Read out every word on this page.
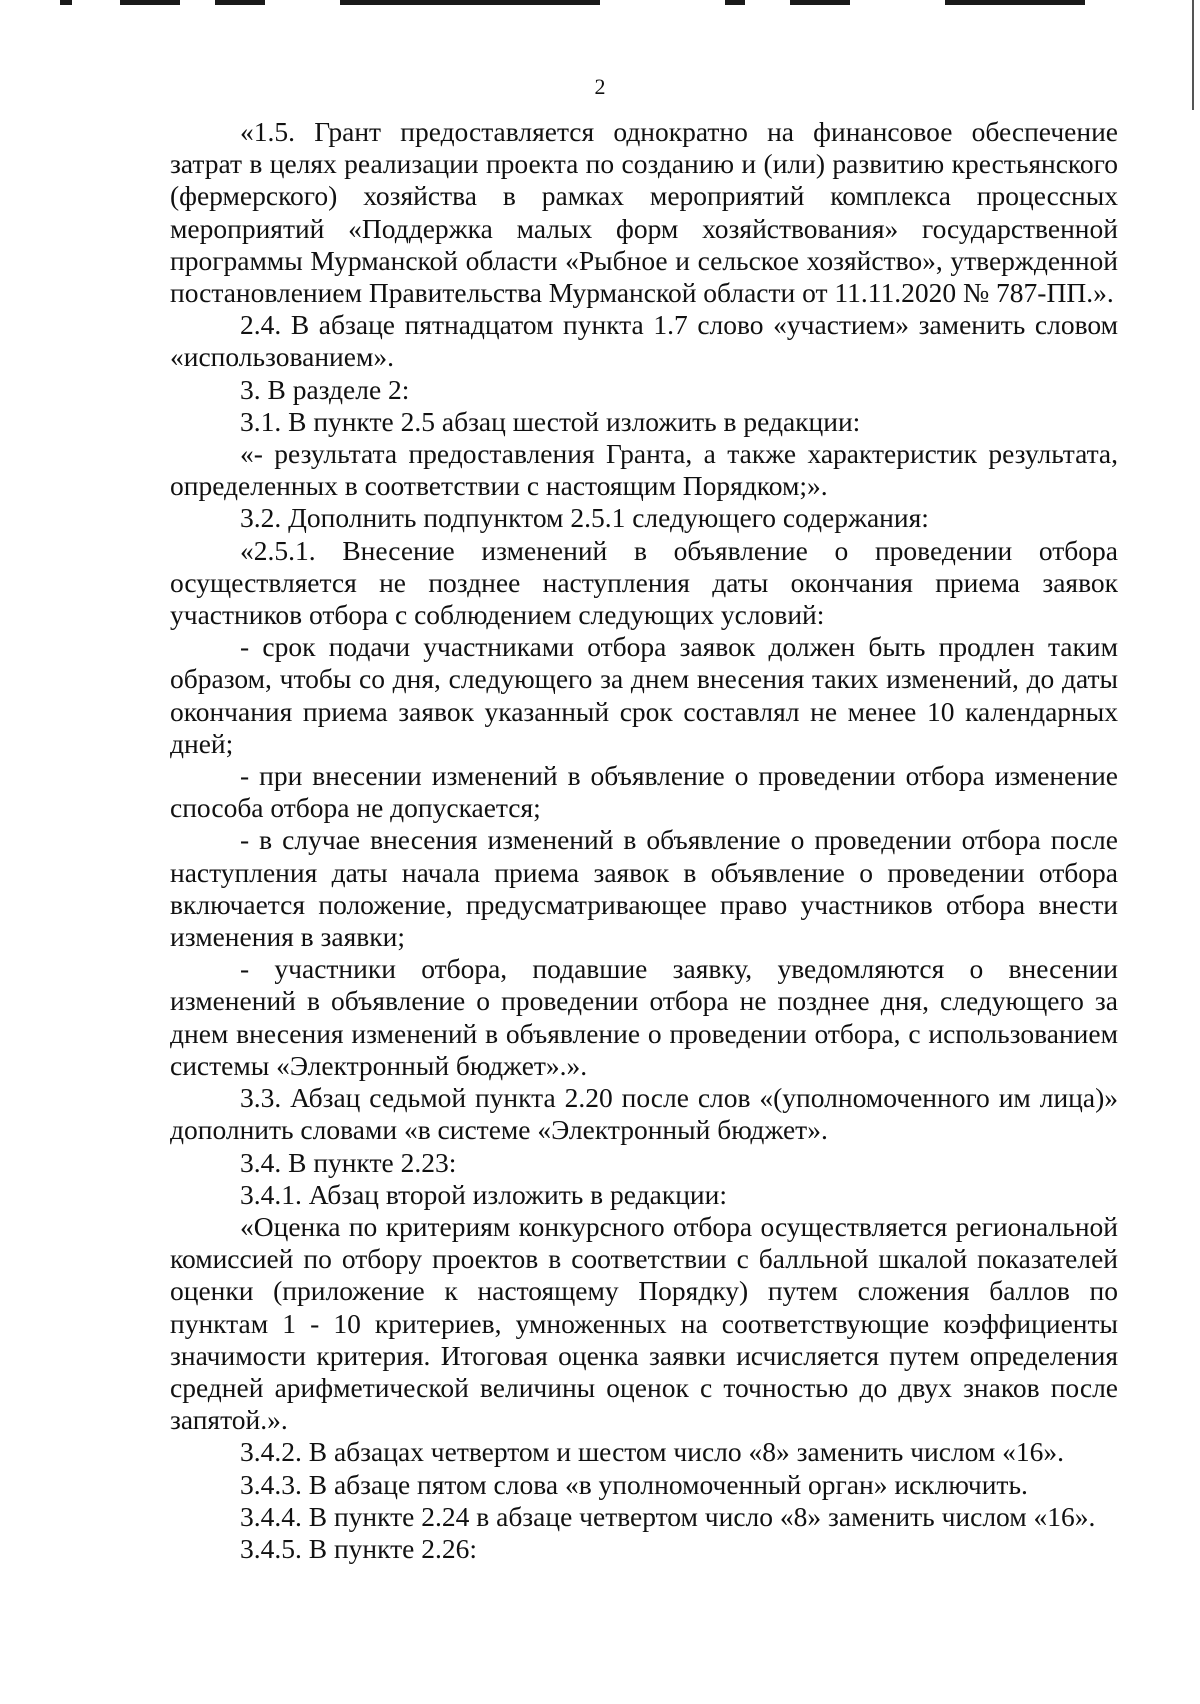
2

«1.5. Грант предоставляется однократно на финансовое обеспечение затрат в целях реализации проекта по созданию и (или) развитию крестьянского (фермерского) хозяйства в рамках мероприятий комплекса процессных мероприятий «Поддержка малых форм хозяйствования» государственной программы Мурманской области «Рыбное и сельское хозяйство», утвержденной постановлением Правительства Мурманской области от 11.11.2020 № 787-ПП.».

2.4. В абзаце пятнадцатом пункта 1.7 слово «участием» заменить словом «использованием».

3. В разделе 2:

3.1. В пункте 2.5 абзац шестой изложить в редакции:

«- результата предоставления Гранта, а также характеристик результата, определенных в соответствии с настоящим Порядком;».

3.2. Дополнить подпунктом 2.5.1 следующего содержания:

«2.5.1. Внесение изменений в объявление о проведении отбора осуществляется не позднее наступления даты окончания приема заявок участников отбора с соблюдением следующих условий:

- срок подачи участниками отбора заявок должен быть продлен таким образом, чтобы со дня, следующего за днем внесения таких изменений, до даты окончания приема заявок указанный срок составлял не менее 10 календарных дней;

- при внесении изменений в объявление о проведении отбора изменение способа отбора не допускается;

- в случае внесения изменений в объявление о проведении отбора после наступления даты начала приема заявок в объявление о проведении отбора включается положение, предусматривающее право участников отбора внести изменения в заявки;

- участники отбора, подавшие заявку, уведомляются о внесении изменений в объявление о проведении отбора не позднее дня, следующего за днем внесения изменений в объявление о проведении отбора, с использованием системы «Электронный бюджет».».

3.3. Абзац седьмой пункта 2.20 после слов «(уполномоченного им лица)» дополнить словами «в системе «Электронный бюджет».

3.4. В пункте 2.23:

3.4.1. Абзац второй изложить в редакции:

«Оценка по критериям конкурсного отбора осуществляется региональной комиссией по отбору проектов в соответствии с балльной шкалой показателей оценки (приложение к настоящему Порядку) путем сложения баллов по пунктам 1 - 10 критериев, умноженных на соответствующие коэффициенты значимости критерия. Итоговая оценка заявки исчисляется путем определения средней арифметической величины оценок с точностью до двух знаков после запятой.».

3.4.2. В абзацах четвертом и шестом число «8» заменить числом «16».

3.4.3. В абзаце пятом слова «в уполномоченный орган» исключить.

3.4.4. В пункте 2.24 в абзаце четвертом число «8» заменить числом «16».

3.4.5. В пункте 2.26:
